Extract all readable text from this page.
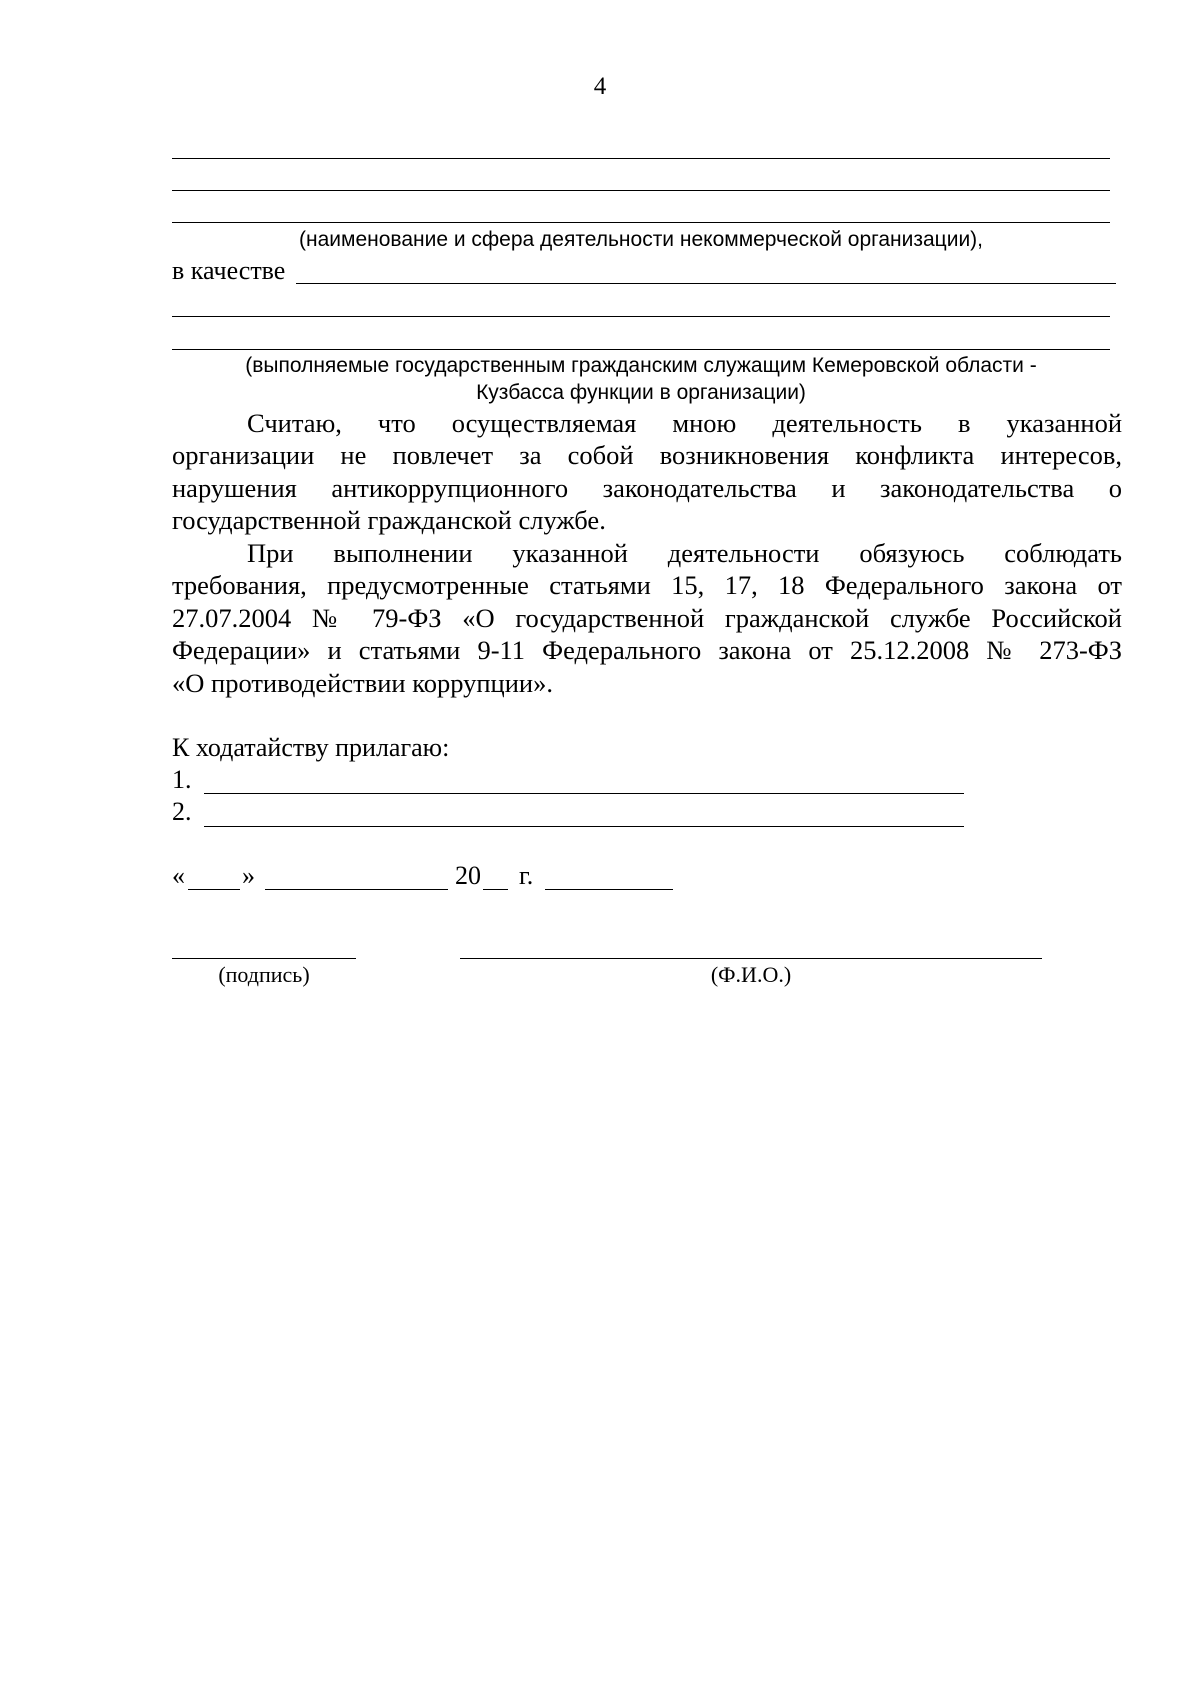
4
(наименование и сфера деятельности некоммерческой организации),
в качестве
(выполняемые государственным гражданским служащим Кемеровской области -
Кузбасса функции в организации)
Считаю, что осуществляемая мною деятельность в указанной
организации не повлечет за собой возникновения конфликта интересов,
нарушения антикоррупционного законодательства и законодательства о
государственной гражданской службе.
При выполнении указанной деятельности обязуюсь соблюдать
требования, предусмотренные статьями 15, 17, 18 Федерального закона от
27.07.2004 № 79-ФЗ «О государственной гражданской службе Российской
Федерации» и статьями 9-11 Федерального закона от 25.12.2008 № 273-ФЗ
«О противодействии коррупции».
К ходатайству прилагаю:
1.
2.
« »	20 г.
(подпись)	(Ф.И.О.)
